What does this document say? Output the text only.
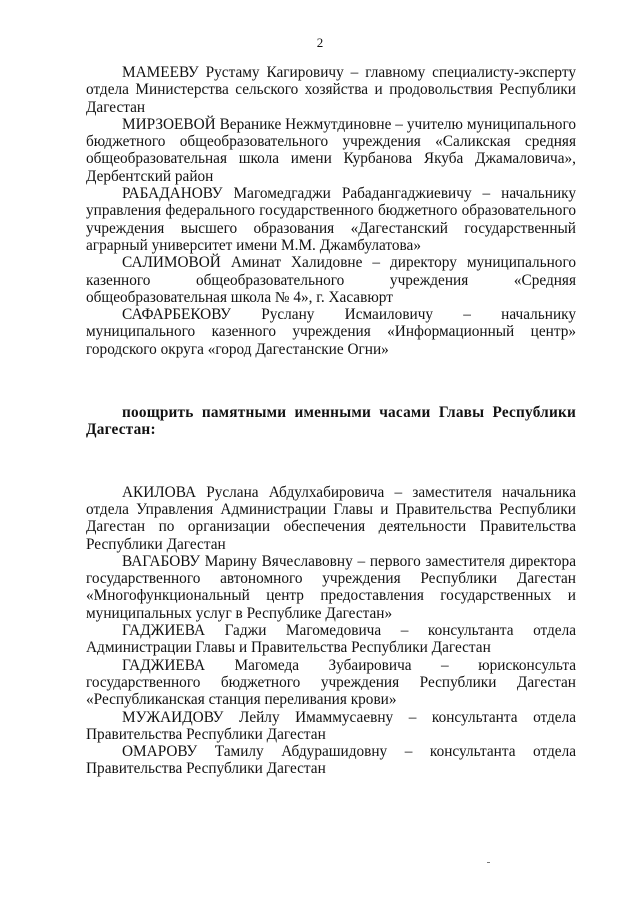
2

МАМЕЕВУ Рустаму Кагировичу – главному специалисту-эксперту отдела Министерства сельского хозяйства и продовольствия Республики Дагестан

МИРЗОЕВОЙ Веранике Нежмутдиновне – учителю муниципального бюджетного общеобразовательного учреждения «Саликская средняя общеобразовательная школа имени Курбанова Якуба Джамаловича», Дербентский район

РАБАДАНОВУ Магомедгаджи Рабадангаджиевичу – начальнику управления федерального государственного бюджетного образовательного учреждения высшего образования «Дагестанский государственный аграрный университет имени М.М. Джамбулатова»

САЛИМОВОЙ Аминат Халидовне – директору муниципального казенного общеобразовательного учреждения «Средняя общеобразовательная школа № 4», г. Хасавюрт

САФАРБЕКОВУ Руслану Исмаиловичу – начальнику муниципального казенного учреждения «Информационный центр» городского округа «город Дагестанские Огни»

поощрить памятными именными часами Главы Республики Дагестан:

АКИЛОВА Руслана Абдулхабировича – заместителя начальника отдела Управления Администрации Главы и Правительства Республики Дагестан по организации обеспечения деятельности Правительства Республики Дагестан

ВАГАБОВУ Марину Вячеславовну – первого заместителя директора государственного автономного учреждения Республики Дагестан «Многофункциональный центр предоставления государственных и муниципальных услуг в Республике Дагестан»

ГАДЖИЕВА Гаджи Магомедовича – консультанта отдела Администрации Главы и Правительства Республики Дагестан

ГАДЖИЕВА Магомеда Зубаировича – юрисконсульта государственного бюджетного учреждения Республики Дагестан «Республиканская станция переливания крови»

МУЖАИДОВУ Лейлу Имаммусаевну – консультанта отдела Правительства Республики Дагестан

ОМАРОВУ Тамилу Абдурашидовну – консультанта отдела Правительства Республики Дагестан
